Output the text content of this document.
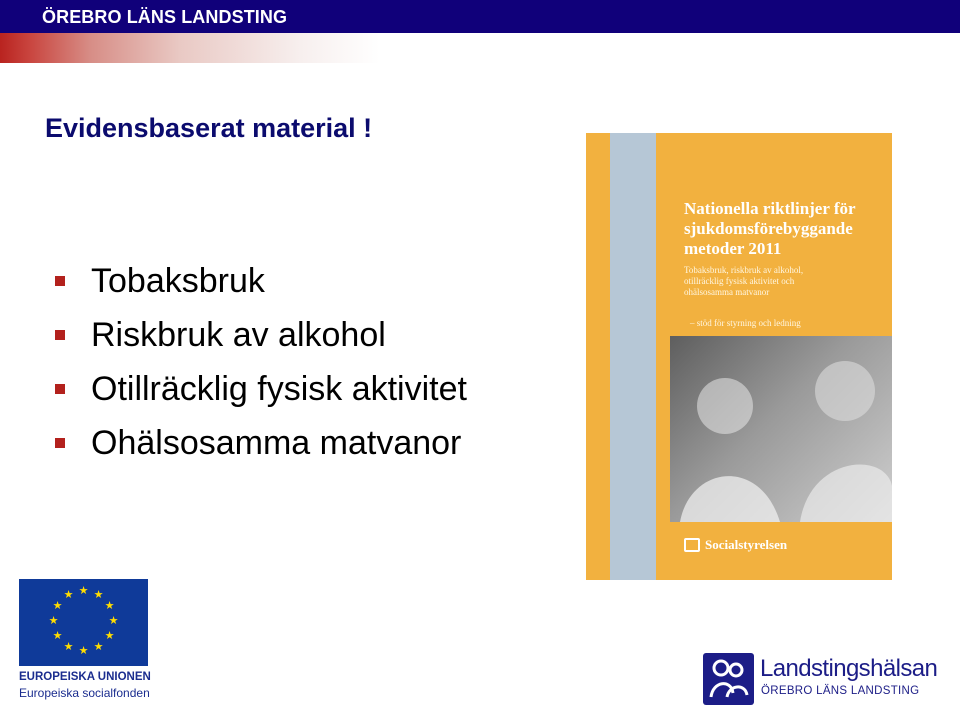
ÖREBRO LÄNS LANDSTING
Evidensbaserat material !
Tobaksbruk
Riskbruk av alkohol
Otillräcklig fysisk aktivitet
Ohälsosamma matvanor
Nationella riktlinjer för sjukdomsförebyggande metoder 2011
Tobaksbruk, riskbruk av alkohol, otillräcklig fysisk aktivitet och ohälsosamma matvanor
– stöd för styrning och ledning
Socialstyrelsen
★ ★
★
★
★
★
★
★
★
★
★
★
EUROPEISKA UNIONEN
Europeiska socialfonden
Landstingshälsan
ÖREBRO LÄNS LANDSTING
